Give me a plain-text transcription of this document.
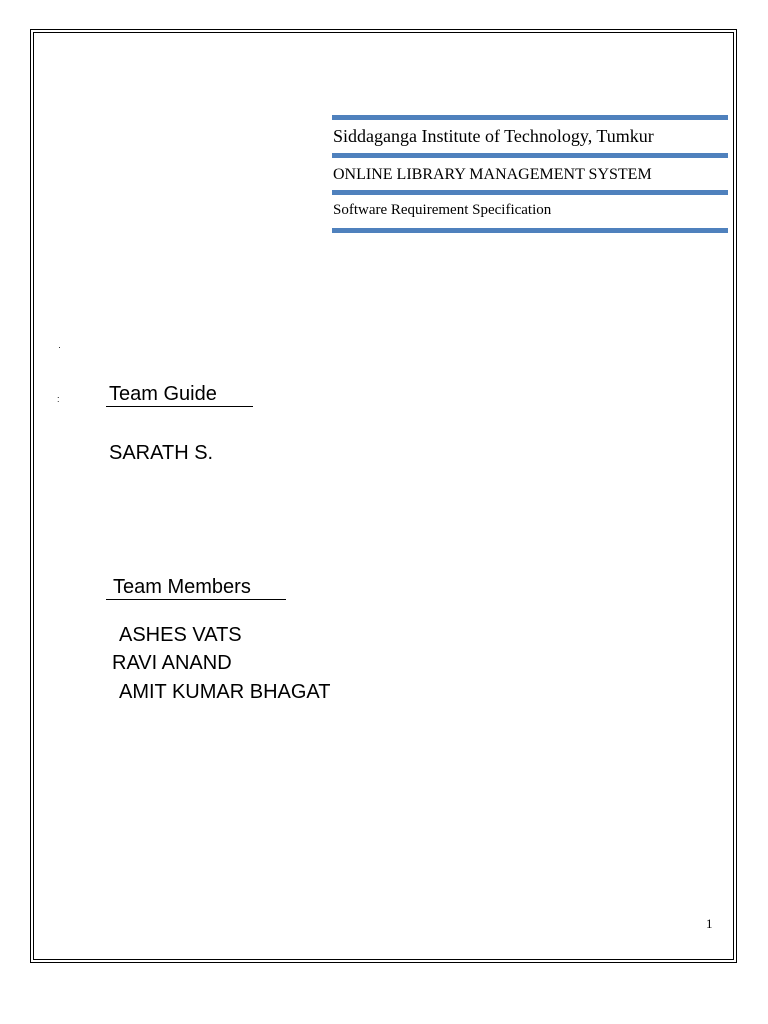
Siddaganga Institute of Technology, Tumkur
ONLINE LIBRARY MANAGEMENT SYSTEM
Software Requirement Specification
·
: Team Guide
SARATH S.
Team Members
ASHES VATS
RAVI ANAND
AMIT KUMAR BHAGAT
1
